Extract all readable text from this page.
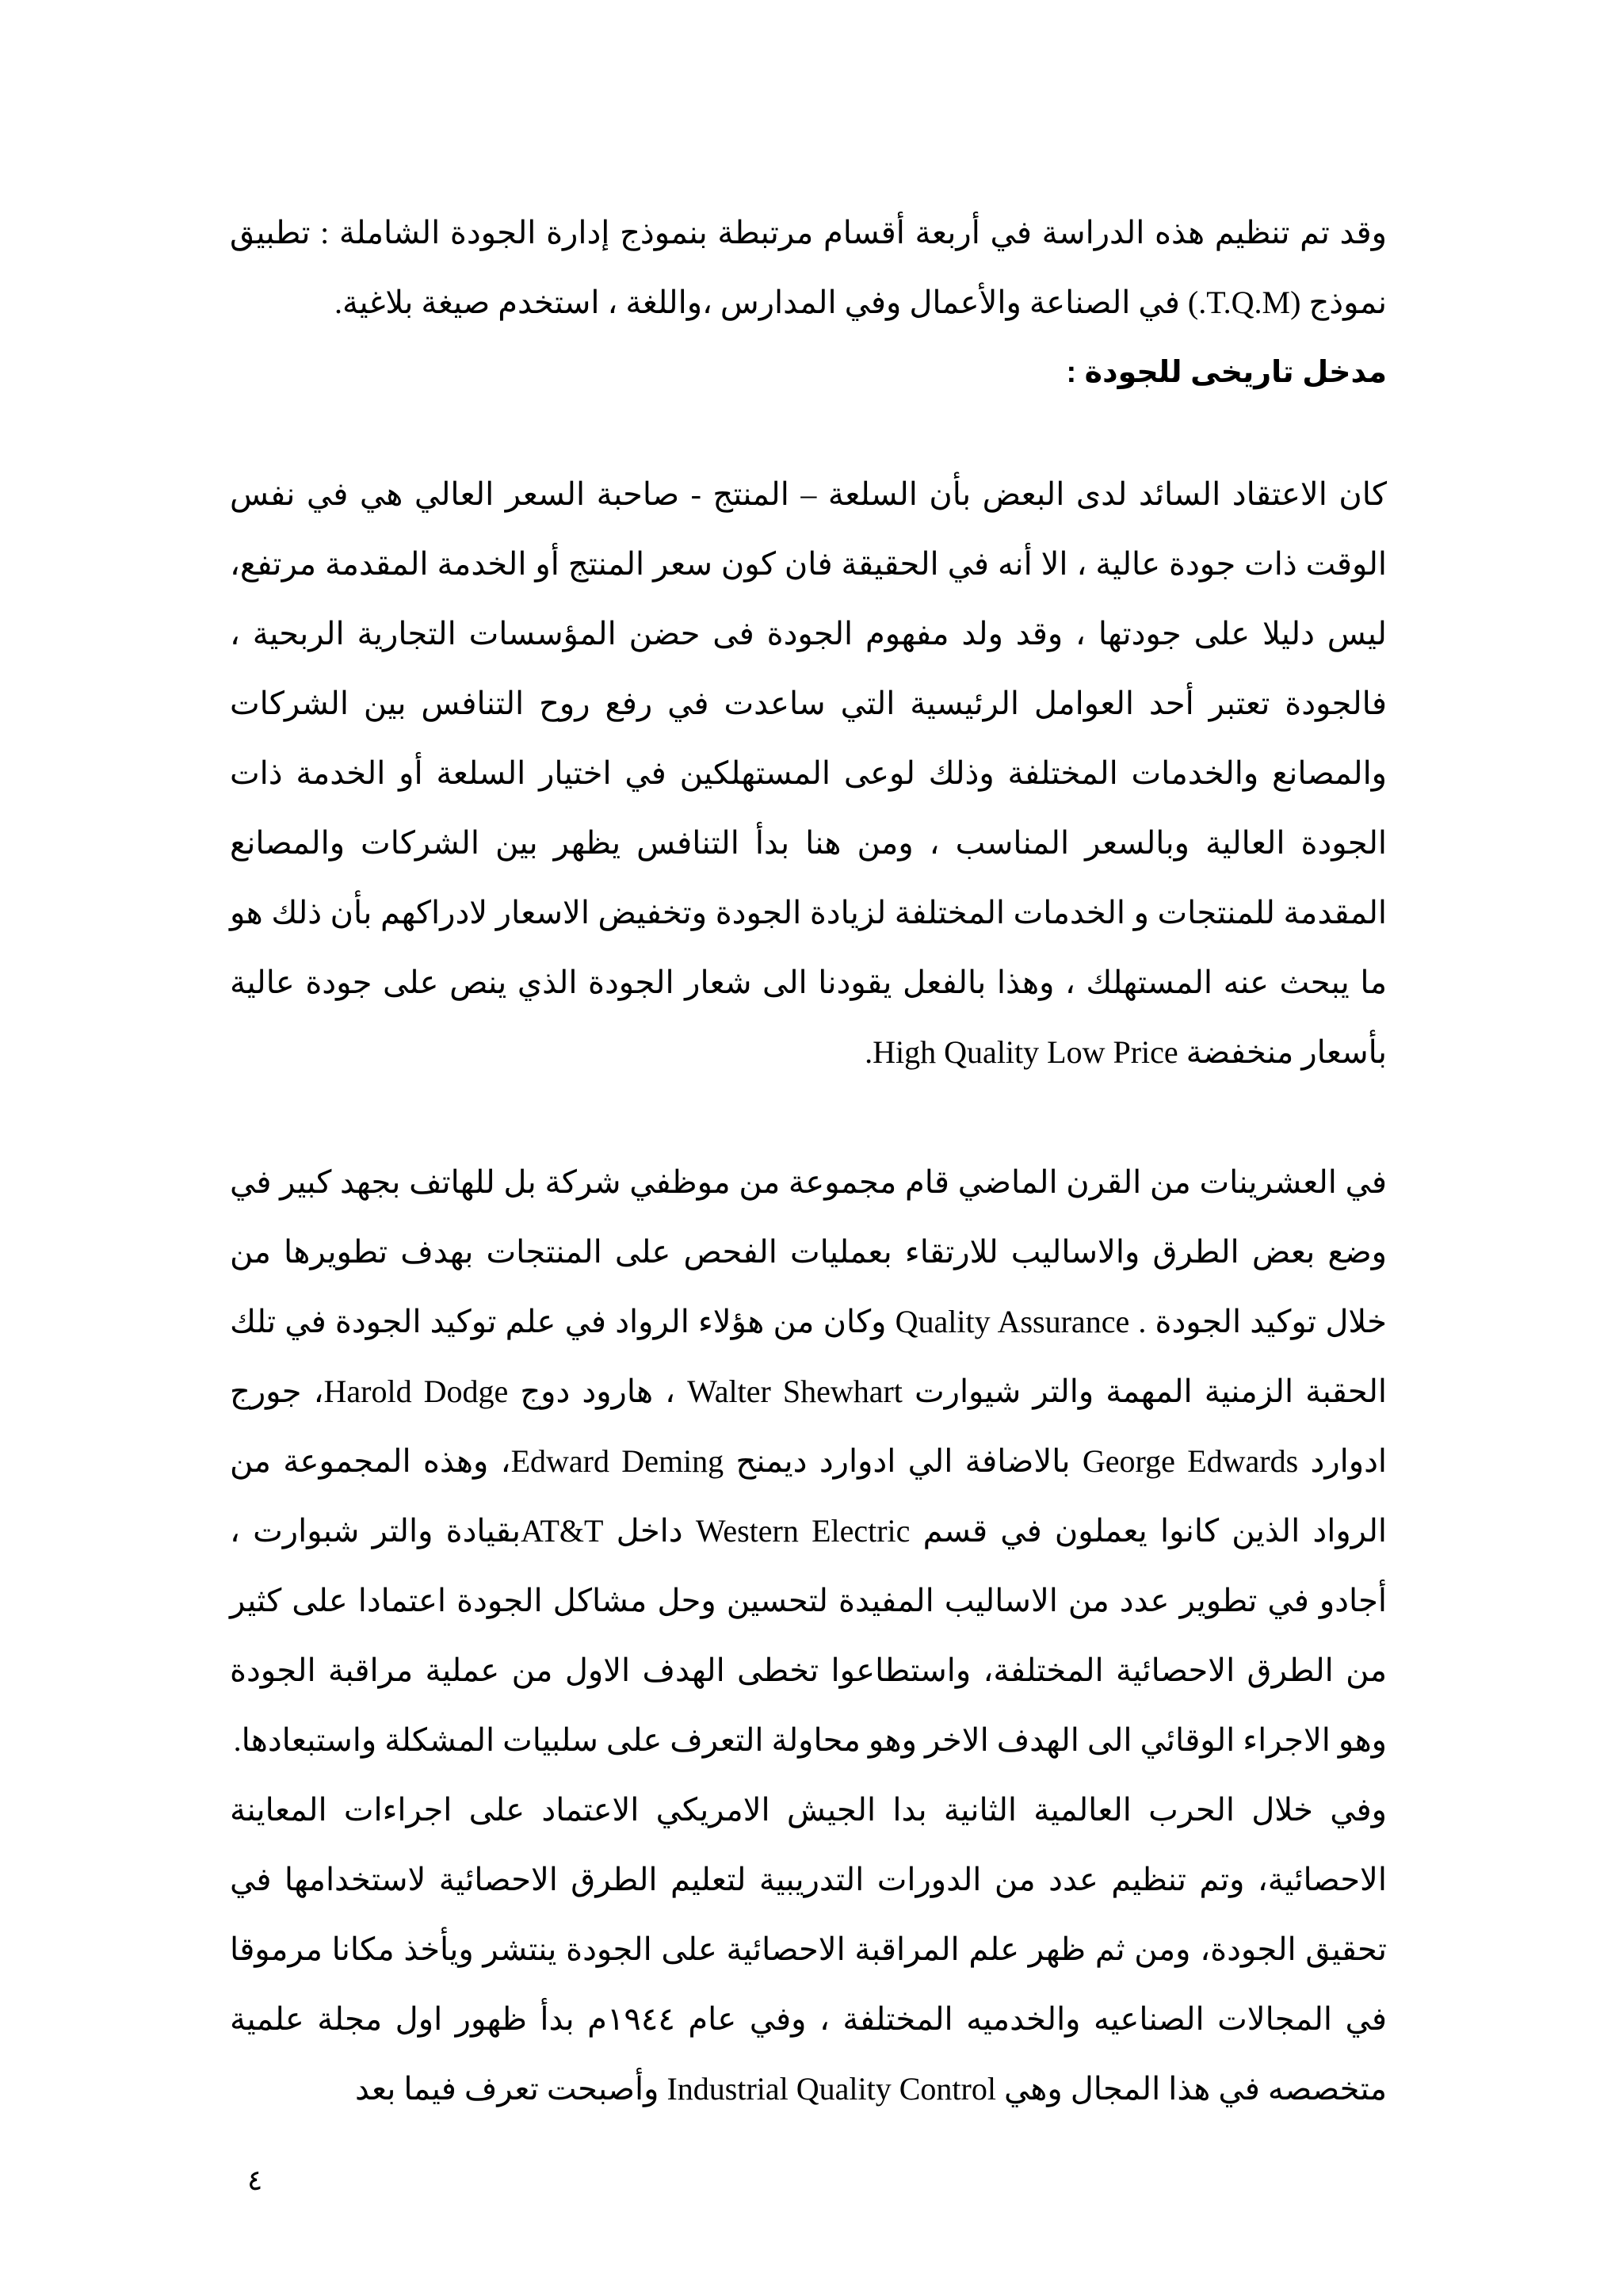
وقد تم تنظيم هذه الدراسة في أربعة أقسام مرتبطة بنموذج إدارة الجودة الشاملة : تطبيق نموذج (T.Q.M.) في الصناعة والأعمال وفي المدارس ،واللغة ، استخدم صيغة بلاغية.

مدخل تاريخى للجودة :

كان الاعتقاد السائد لدى البعض بأن السلعة – المنتج - صاحبة السعر العالي هي في نفس الوقت ذات جودة عالية ، الا أنه في الحقيقة فان كون سعر المنتج أو الخدمة المقدمة مرتفع، ليس دليلا على جودتها ، وقد ولد مفهوم الجودة فى حضن المؤسسات التجارية الربحية ، فالجودة تعتبر أحد العوامل الرئيسية التي ساعدت في رفع روح التنافس بين الشركات والمصانع والخدمات المختلفة وذلك لوعى المستهلكين في اختيار السلعة أو الخدمة ذات الجودة العالية وبالسعر المناسب ، ومن هنا بدأ التنافس يظهر بين الشركات والمصانع المقدمة للمنتجات و الخدمات المختلفة لزيادة الجودة وتخفيض الاسعار لادراكهم بأن ذلك هو ما يبحث عنه المستهلك ، وهذا بالفعل يقودنا الى شعار الجودة الذي ينص على جودة عالية بأسعار منخفضة High Quality Low Price.

في العشرينات من القرن الماضي قام مجموعة من موظفي شركة بل للهاتف بجهد كبير في وضع بعض الطرق والاساليب للارتقاء بعمليات الفحص على المنتجات بهدف تطويرها من خلال توكيد الجودة . Quality Assurance وكان من هؤلاء الرواد في علم توكيد الجودة في تلك الحقبة الزمنية المهمة والتر شيوارت Walter Shewhart ، هارود دوج Harold Dodge، جورج ادوارد George Edwards بالاضافة الي ادوارد ديمنح Edward Deming، وهذه المجموعة من الرواد الذين كانوا يعملون في قسم Western Electric داخل AT&Tبقيادة والتر شبوارت ، أجادو في تطوير عدد من الاساليب المفيدة لتحسين وحل مشاكل الجودة اعتمادا على كثير من الطرق الاحصائية المختلفة، واستطاعوا تخطى الهدف الاول من عملية مراقبة الجودة وهو الاجراء الوقائي الى الهدف الاخر وهو محاولة التعرف على سلبيات المشكلة واستبعادها.

وفي خلال الحرب العالمية الثانية بدا الجيش الامريكي الاعتماد على اجراءات المعاينة الاحصائية، وتم تنظيم عدد من الدورات التدريبية لتعليم الطرق الاحصائية لاستخدامها في تحقيق الجودة، ومن ثم ظهر علم المراقبة الاحصائية على الجودة ينتشر ويأخذ مكانا مرموقا في المجالات الصناعيه والخدميه المختلفة ، وفي عام ١٩٤٤م بدأ ظهور اول مجلة علمية متخصصه في هذا المجال وهي Industrial Quality Control وأصبحت تعرف فيما بعد

٤
